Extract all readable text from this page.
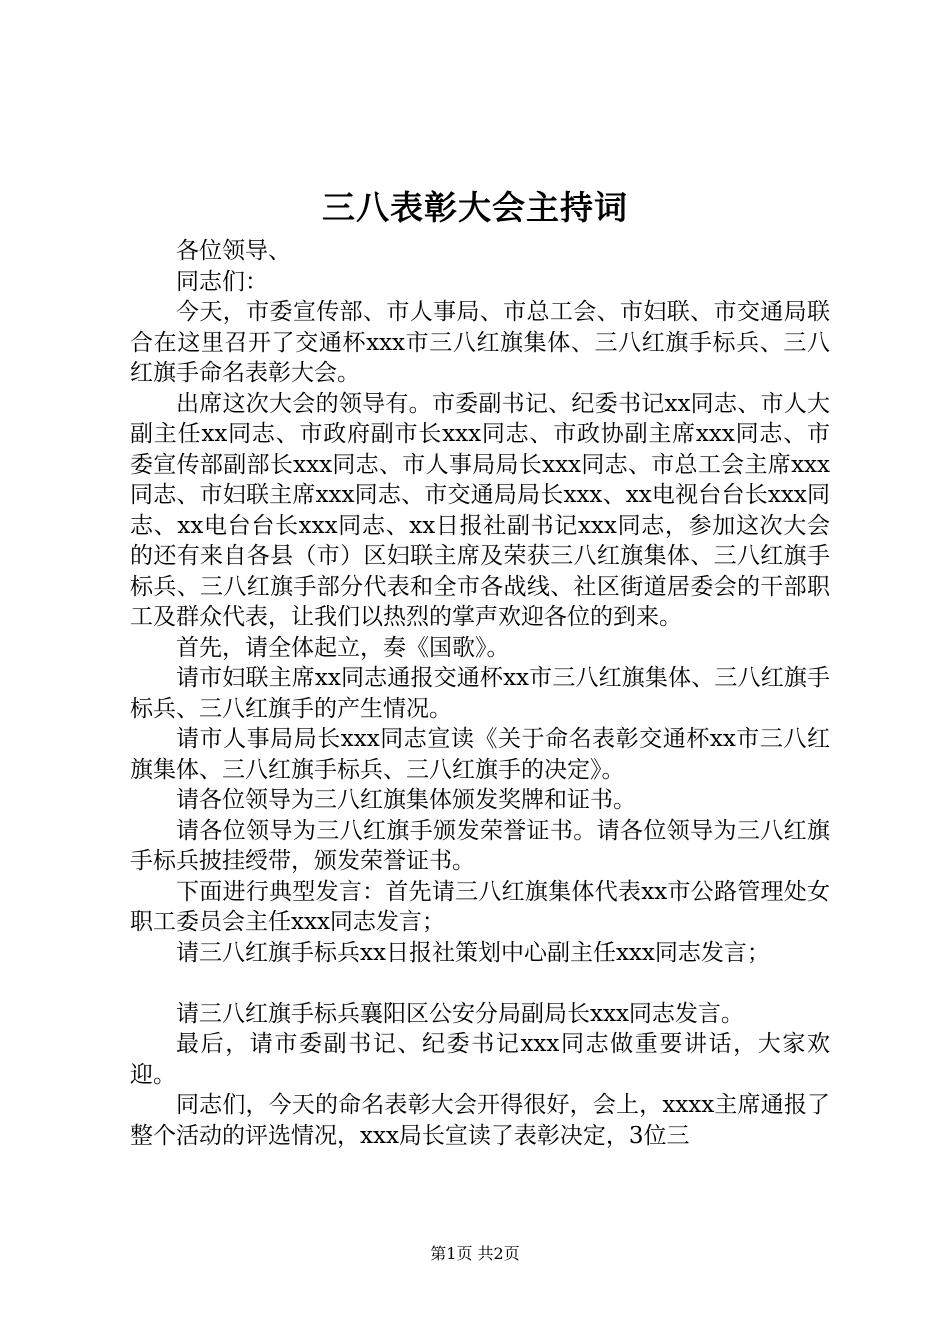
三八表彰大会主持词

各位领导、

同志们：

今天，市委宣传部、市人事局、市总工会、市妇联、市交通局联合在这里召开了交通杯xxx市三八红旗集体、三八红旗手标兵、三八红旗手命名表彰大会。

出席这次大会的领导有。市委副书记、纪委书记xx同志、市人大副主任xx同志、市政府副市长xxx同志、市政协副主席xxx同志、市委宣传部副部长xxx同志、市人事局局长xxx同志、市总工会主席xxx同志、市妇联主席xxx同志、市交通局局长xxx、xx电视台台长xxx同志、xx电台台长xxx同志、xx日报社副书记xxx同志，参加这次大会的还有来自各县（市）区妇联主席及荣获三八红旗集体、三八红旗手标兵、三八红旗手部分代表和全市各战线、社区街道居委会的干部职工及群众代表，让我们以热烈的掌声欢迎各位的到来。

首先，请全体起立，奏《国歌》。

请市妇联主席xx同志通报交通杯xx市三八红旗集体、三八红旗手标兵、三八红旗手的产生情况。

请市人事局局长xxx同志宣读《关于命名表彰交通杯xx市三八红旗集体、三八红旗手标兵、三八红旗手的决定》。

请各位领导为三八红旗集体颁发奖牌和证书。

请各位领导为三八红旗手颁发荣誉证书。请各位领导为三八红旗手标兵披挂绶带，颁发荣誉证书。

下面进行典型发言：首先请三八红旗集体代表xx市公路管理处女职工委员会主任xxx同志发言；

请三八红旗手标兵xx日报社策划中心副主任xxx同志发言；

请三八红旗手标兵襄阳区公安分局副局长xxx同志发言。

最后，请市委副书记、纪委书记xxx同志做重要讲话，大家欢迎。

同志们，今天的命名表彰大会开得很好，会上，xxxx主席通报了整个活动的评选情况，xxx局长宣读了表彰决定，3位三

第1页 共2页
